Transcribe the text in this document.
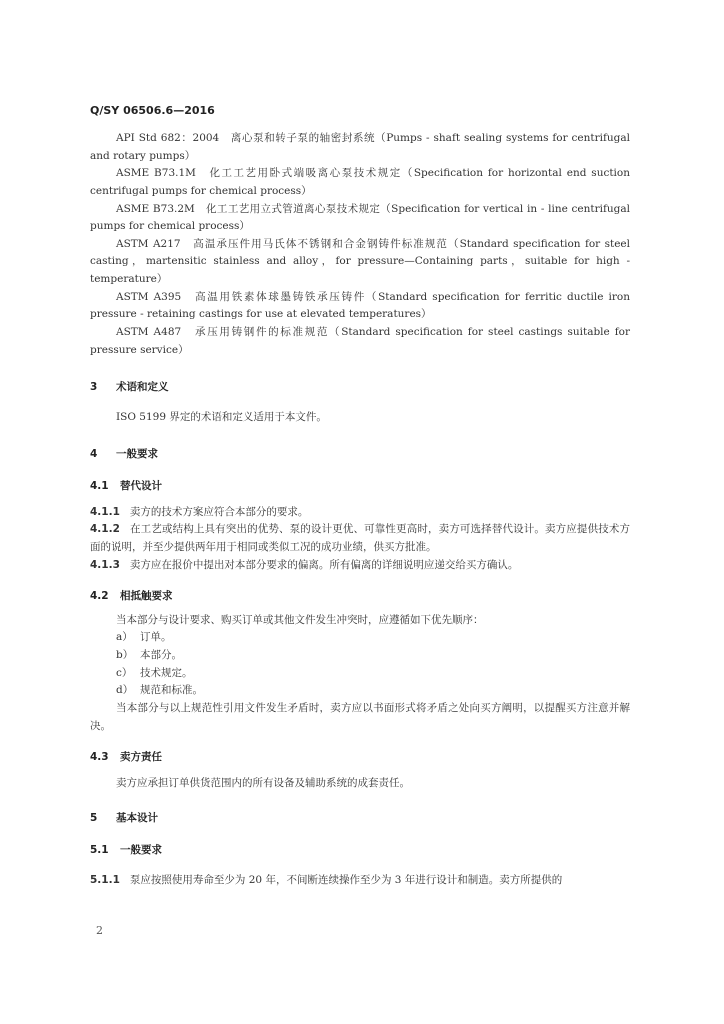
Q/SY 06506.6—2016

API Std 682：2004　离心泵和转子泵的轴密封系统（Pumps - shaft sealing systems for centrifugal and rotary pumps）

ASME B73.1M　化工工艺用卧式端吸离心泵技术规定（Specification for horizontal end suction centrifugal pumps for chemical process）

ASME B73.2M　化工工艺用立式管道离心泵技术规定（Specification for vertical in - line centrifugal pumps for chemical process）

ASTM A217　高温承压件用马氏体不锈钢和合金钢铸件标准规范（Standard specification for steel casting，martensitic stainless and alloy，for pressure—Containing parts，suitable for high - temperature）

ASTM A395　高温用铁素体球墨铸铁承压铸件（Standard specification for ferritic ductile iron pressure - retaining castings for use at elevated temperatures）

ASTM A487　承压用铸钢件的标准规范（Standard specification for steel castings suitable for pressure service）

3 术语和定义

ISO 5199 界定的术语和定义适用于本文件。

4 一般要求
4.1 替代设计

4.1.1 卖方的技术方案应符合本部分的要求。

4.1.2 在工艺或结构上具有突出的优势、泵的设计更优、可靠性更高时，卖方可选择替代设计。卖方应提供技术方面的说明，并至少提供两年用于相同或类似工况的成功业绩，供买方批准。

4.1.3 卖方应在报价中提出对本部分要求的偏离。所有偏离的详细说明应递交给买方确认。

4.2 相抵触要求

当本部分与设计要求、购买订单或其他文件发生冲突时，应遵循如下优先顺序：

a） 订单。

b） 本部分。

c） 技术规定。

d） 规范和标准。

当本部分与以上规范性引用文件发生矛盾时，卖方应以书面形式将矛盾之处向买方阐明，以提醒买方注意并解决。

4.3 卖方责任

卖方应承担订单供货范围内的所有设备及辅助系统的成套责任。

5 基本设计
5.1 一般要求

5.1.1 泵应按照使用寿命至少为 20 年，不间断连续操作至少为 3 年进行设计和制造。卖方所提供的

2
